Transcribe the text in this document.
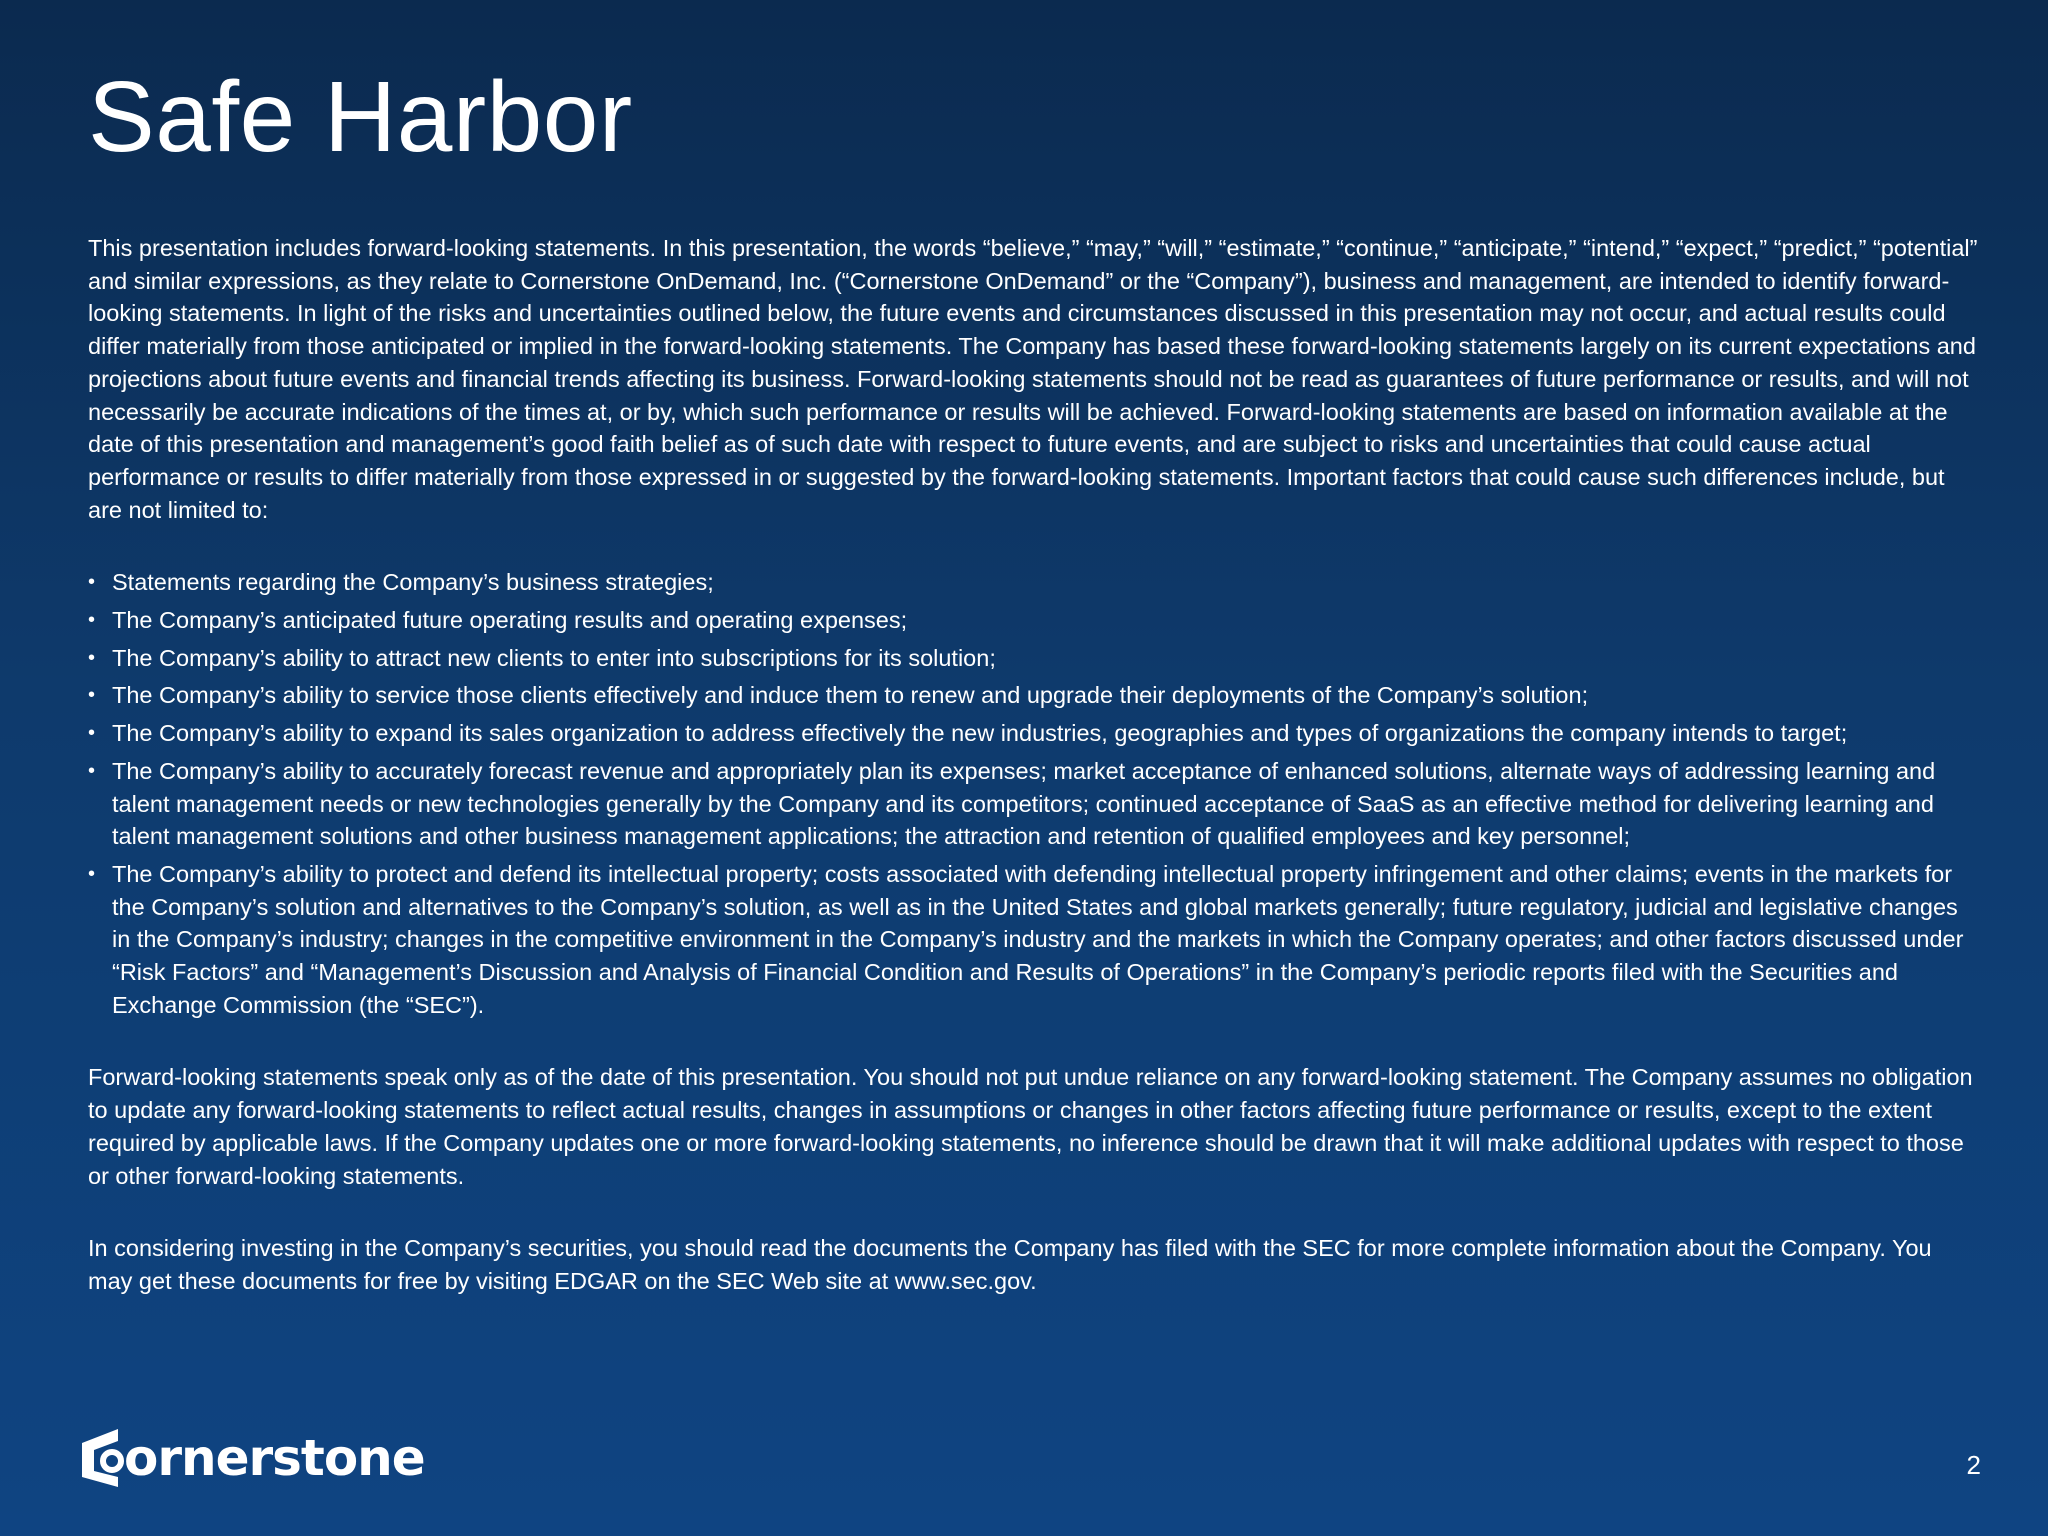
Safe Harbor

This presentation includes forward-looking statements. In this presentation, the words “believe,” “may,” “will,” “estimate,” “continue,” “anticipate,” “intend,” “expect,” “predict,” “potential” and similar expressions, as they relate to Cornerstone OnDemand, Inc. (“Cornerstone OnDemand” or the “Company”), business and management, are intended to identify forward-looking statements. In light of the risks and uncertainties outlined below, the future events and circumstances discussed in this presentation may not occur, and actual results could differ materially from those anticipated or implied in the forward-looking statements. The Company has based these forward-looking statements largely on its current expectations and projections about future events and financial trends affecting its business. Forward-looking statements should not be read as guarantees of future performance or results, and will not necessarily be accurate indications of the times at, or by, which such performance or results will be achieved. Forward-looking statements are based on information available at the date of this presentation and management’s good faith belief as of such date with respect to future events, and are subject to risks and uncertainties that could cause actual performance or results to differ materially from those expressed in or suggested by the forward-looking statements. Important factors that could cause such differences include, but are not limited to:

• Statements regarding the Company’s business strategies;
• The Company’s anticipated future operating results and operating expenses;
• The Company’s ability to attract new clients to enter into subscriptions for its solution;
• The Company’s ability to service those clients effectively and induce them to renew and upgrade their deployments of the Company’s solution;
• The Company’s ability to expand its sales organization to address effectively the new industries, geographies and types of organizations the company intends to target;
• The Company’s ability to accurately forecast revenue and appropriately plan its expenses; market acceptance of enhanced solutions, alternate ways of addressing learning and talent management needs or new technologies generally by the Company and its competitors; continued acceptance of SaaS as an effective method for delivering learning and talent management solutions and other business management applications; the attraction and retention of qualified employees and key personnel;
• The Company’s ability to protect and defend its intellectual property; costs associated with defending intellectual property infringement and other claims; events in the markets for the Company’s solution and alternatives to the Company’s solution, as well as in the United States and global markets generally; future regulatory, judicial and legislative changes in the Company’s industry; changes in the competitive environment in the Company’s industry and the markets in which the Company operates; and other factors discussed under “Risk Factors” and “Management’s Discussion and Analysis of Financial Condition and Results of Operations” in the Company’s periodic reports filed with the Securities and Exchange Commission (the “SEC”).

Forward-looking statements speak only as of the date of this presentation. You should not put undue reliance on any forward-looking statement. The Company assumes no obligation to update any forward-looking statements to reflect actual results, changes in assumptions or changes in other factors affecting future performance or results, except to the extent required by applicable laws. If the Company updates one or more forward-looking statements, no inference should be drawn that it will make additional updates with respect to those or other forward-looking statements.

In considering investing in the Company’s securities, you should read the documents the Company has filed with the SEC for more complete information about the Company. You may get these documents for free by visiting EDGAR on the SEC Web site at www.sec.gov.

ornerstone	2
